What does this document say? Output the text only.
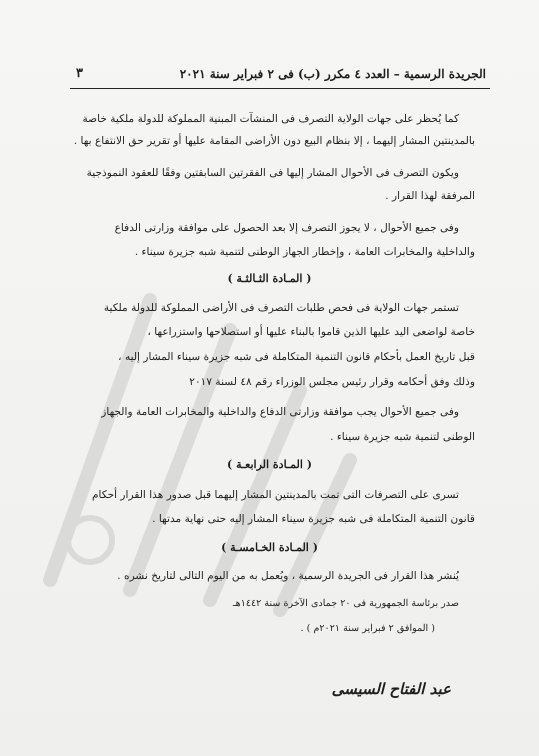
الجريدة الرسمية – العدد ٤ مكرر (ب) فى ٢ فبراير سنة ٢٠٢١
٣
كما يُحظر على جهات الولاية التصرف فى المنشآت المبنية المملوكة للدولة ملكية خاصة
بالمدينتين المشار إليهما ، إلا بنظام البيع دون الأراضى المقامة عليها أو تقرير حق الانتفاع بها .
ويكون التصرف فى الأحوال المشار إليها فى الفقرتين السابقتين وفقًا للعقود النموذجية
المرفقة لهذا القرار .
وفى جميع الأحوال ، لا يجوز التصرف إلا بعد الحصول على موافقة وزارتى الدفاع
والداخلية والمخابرات العامة ، وإخطار الجهاز الوطنى لتنمية شبه جزيرة سيناء .
( المـادة الثـالثـة )
تستمر جهات الولاية فى فحص طلبات التصرف فى الأراضى المملوكة للدولة ملكية
خاصة لواضعى اليد عليها الذين قاموا بالبناء عليها أو استصلاحها واستزراعها ،
قبل تاريخ العمل بأحكام قانون التنمية المتكاملة فى شبه جزيرة سيناء المشار إليه ،
وذلك وفق أحكامه وقرار رئيس مجلس الوزراء رقم ٤٨ لسنة ٢٠١٧
وفى جميع الأحوال يجب موافقة وزارتى الدفاع والداخلية والمخابرات العامة والجهاز
الوطنى لتنمية شبه جزيرة سيناء .
( المـادة الرابعـة )
تسرى على التصرفات التى تمت بالمدينتين المشار إليهما قبل صدور هذا القرار أحكام
قانون التنمية المتكاملة فى شبه جزيرة سيناء المشار إليه حتى نهاية مدتها .
( المـادة الخـامسـة )
يُنشر هذا القرار فى الجريدة الرسمية ، ويُعمل به من اليوم التالى لتاريخ نشره .
صدر برئاسة الجمهورية فى ٢٠ جمادى الآخرة سنة ١٤٤٢هـ
( الموافق ٢ فبراير سنة ٢٠٢١م ) .
عبد الفتاح السيسى
